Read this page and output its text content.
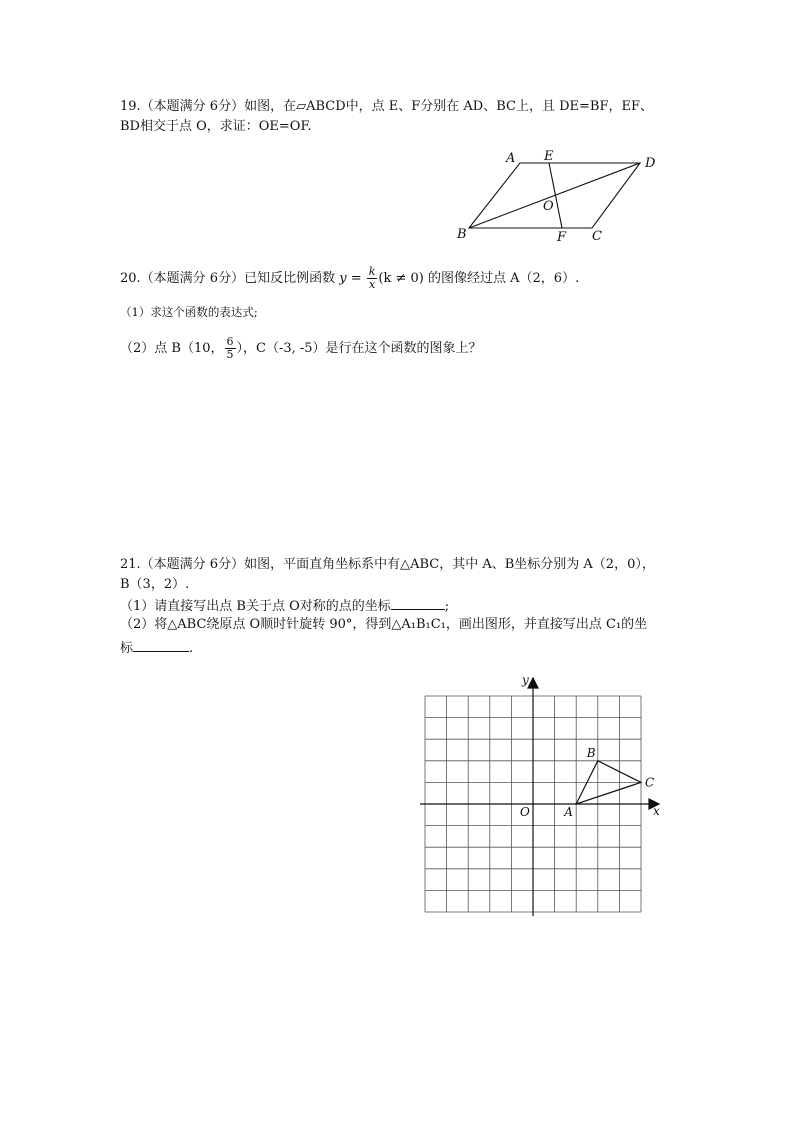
19.（本题满分 6分）如图，在▱ABCD中，点 E、F分别在 AD、BC上，且 DE=BF，EF、
BD相交于点 O，求证：OE=OF.
A E	D
O
B	F C
20.（本题满分 6分）已知反比例函数 $y = \frac{k}{x} (k \ne 0)$ 的图像经过点 A（2，6）.
（1）求这个函数的表达式;
（2）点 B（10， $\frac{6}{5}$ ），C（-3, -5）是行在这个函数的图象上？
21.（本题满分 6分）如图，平面直角坐标系中有△ABC，其中 A、B坐标分别为 A（2，0），
B（3，2）.
（1）请直接写出点 B关于点 O对称的点的坐标	;
（2）将△ABC绕原点 O顺时针旋转 90°，得到△A₁B₁C₁，画出图形，并直接写出点 C₁的坐
标	.
y
x
O	A
B
C
